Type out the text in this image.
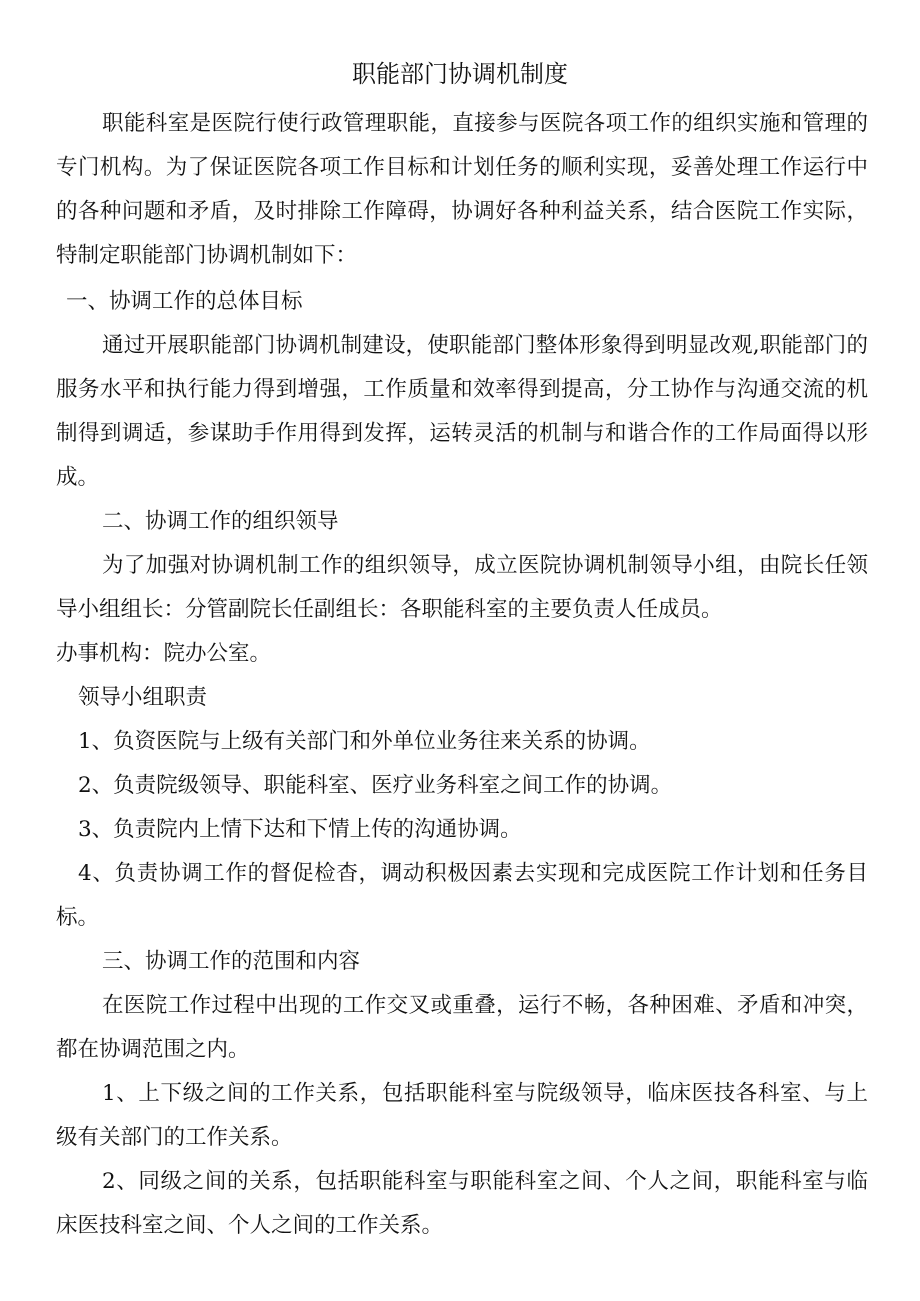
职能部门协调机制度

职能科室是医院行使行政管理职能，直接参与医院各项工作的组织实施和管理的专门机构。为了保证医院各项工作目标和计划任务的顺利实现，妥善处理工作运行中的各种问题和矛盾，及时排除工作障碍，协调好各种利益关系，结合医院工作实际，特制定职能部门协调机制如下：

一、协调工作的总体目标

通过开展职能部门协调机制建设，使职能部门整体形象得到明显改观,职能部门的服务水平和执行能力得到增强，工作质量和效率得到提高，分工协作与沟通交流的机制得到调适，参谋助手作用得到发挥，运转灵活的机制与和谐合作的工作局面得以形成。

二、协调工作的组织领导

为了加强对协调机制工作的组织领导，成立医院协调机制领导小组，由院长任领导小组组长：分管副院长任副组长：各职能科室的主要负责人任成员。

办事机构：院办公室。

领导小组职责

1、负资医院与上级有关部门和外单位业务往来关系的协调。

2、负责院级领导、职能科室、医疗业务科室之间工作的协调。

3、负责院内上情下达和下情上传的沟通协调。

4、负责协调工作的督促检杳，调动积极因素去实现和完成医院工作计划和任务目标。

三、协调工作的范围和内容

在医院工作过程中出现的工作交叉或重叠，运行不畅，各种困难、矛盾和冲突，都在协调范围之内。

1、上下级之间的工作关系，包括职能科室与院级领导，临床医技各科室、与上级有关部门的工作关系。

2、同级之间的关系，包括职能科室与职能科室之间、个人之间，职能科室与临床医技科室之间、个人之间的工作关系。
